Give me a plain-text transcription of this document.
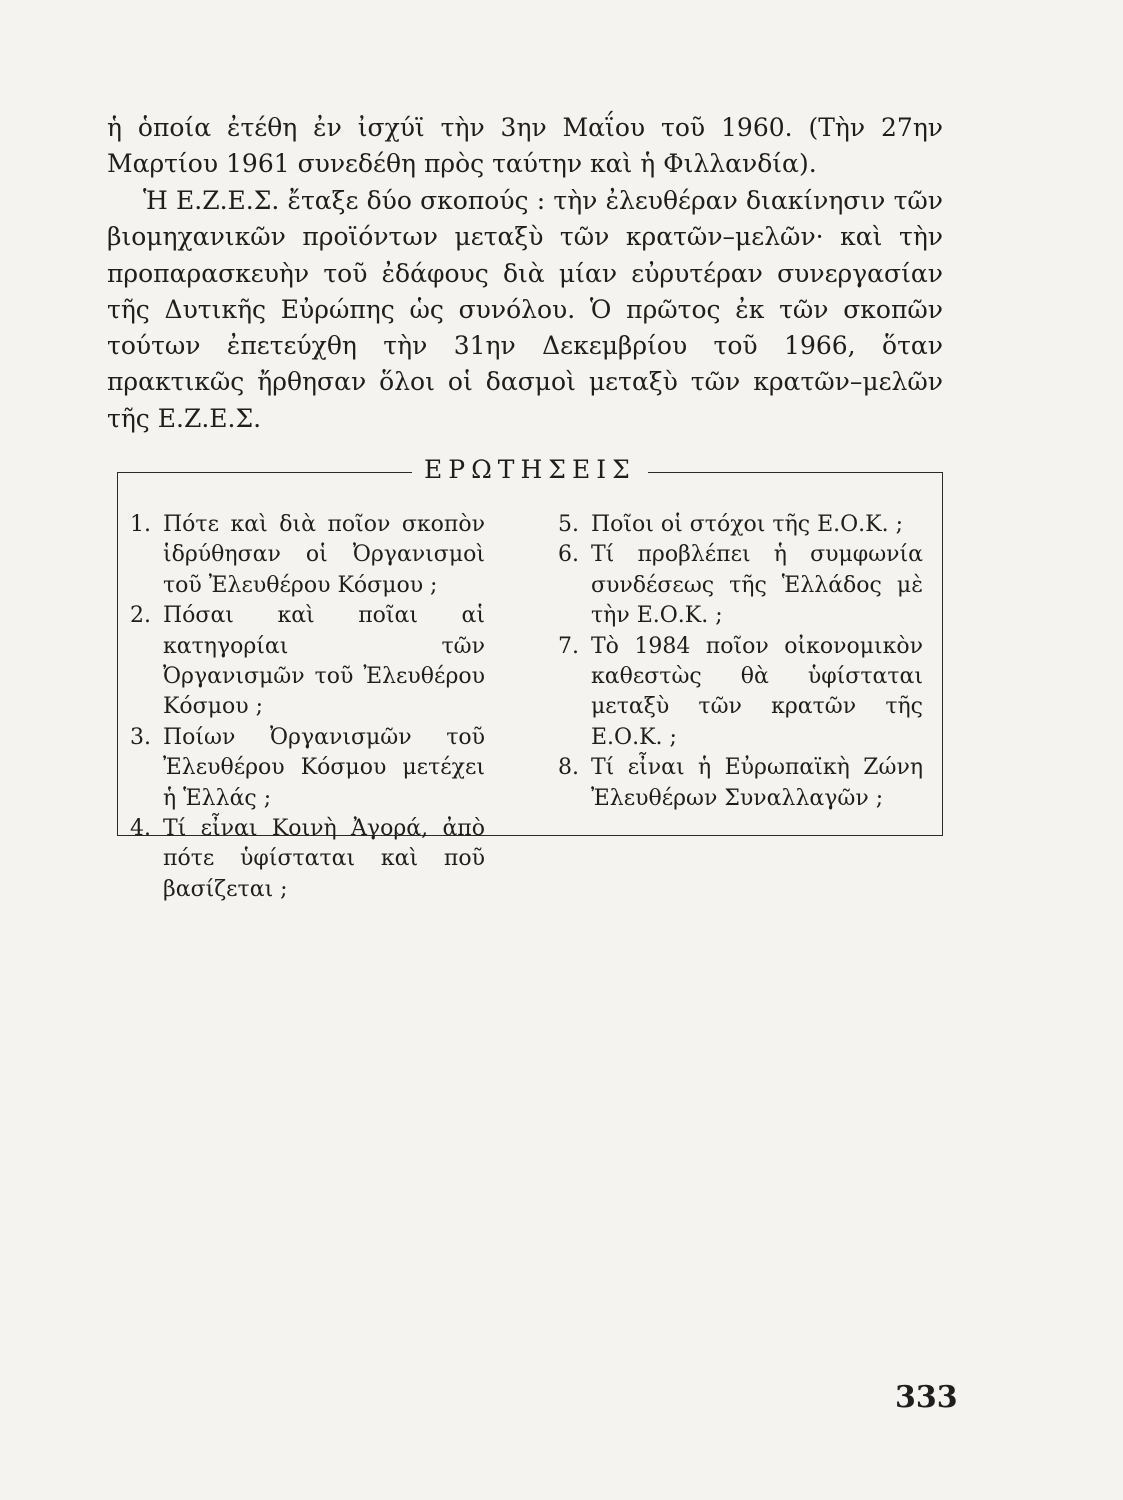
ἡ ὁποία ἐτέθη ἐν ἰσχύϊ τὴν 3ην Μαΐου τοῦ 1960. (Τὴν 27ην Μαρτίου 1961 συνεδέθη πρὸς ταύτην καὶ ἡ Φιλλανδία).

Ἡ Ε.Ζ.Ε.Σ. ἔταξε δύο σκοπούς : τὴν ἐλευθέραν διακίνησιν τῶν βιομηχανικῶν προϊόντων μεταξὺ τῶν κρατῶν–μελῶν· καὶ τὴν προπαρασκευὴν τοῦ ἐδάφους διὰ μίαν εὐρυτέραν συνεργασίαν τῆς Δυτικῆς Εὐρώπης ὡς συνόλου. Ὁ πρῶτος ἐκ τῶν σκοπῶν τούτων ἐπετεύχθη τὴν 31ην Δεκεμβρίου τοῦ 1966, ὅταν πρακτικῶς ἤρθησαν ὅλοι οἱ δασμοὶ μεταξὺ τῶν κρατῶν–μελῶν τῆς Ε.Ζ.Ε.Σ.

ΕΡΩΤΗΣΕΙΣ
1. Πότε καὶ διὰ ποῖον σκοπὸν ἱδρύθησαν οἱ Ὀργανισμοὶ τοῦ Ἐλευθέρου Κόσμου ;
2. Πόσαι καὶ ποῖαι αἱ κατηγορίαι τῶν Ὀργανισμῶν τοῦ Ἐλευθέρου Κόσμου ;
3. Ποίων Ὀργανισμῶν τοῦ Ἐλευθέρου Κόσμου μετέχει ἡ Ἑλλάς ;
4. Τί εἶναι Κοινὴ Ἀγορά, ἀπὸ πότε ὑφίσταται καὶ ποῦ βασίζεται ;
5. Ποῖοι οἱ στόχοι τῆς Ε.Ο.Κ. ;
6. Τί προβλέπει ἡ συμφωνία συνδέσεως τῆς Ἑλλάδος μὲ τὴν Ε.Ο.Κ. ;
7. Τὸ 1984 ποῖον οἰκονομικὸν καθεστὼς θὰ ὑφίσταται μεταξὺ τῶν κρατῶν τῆς Ε.Ο.Κ. ;
8. Τί εἶναι ἡ Εὐρωπαϊκὴ Ζώνη Ἐλευθέρων Συναλλαγῶν ;
333
